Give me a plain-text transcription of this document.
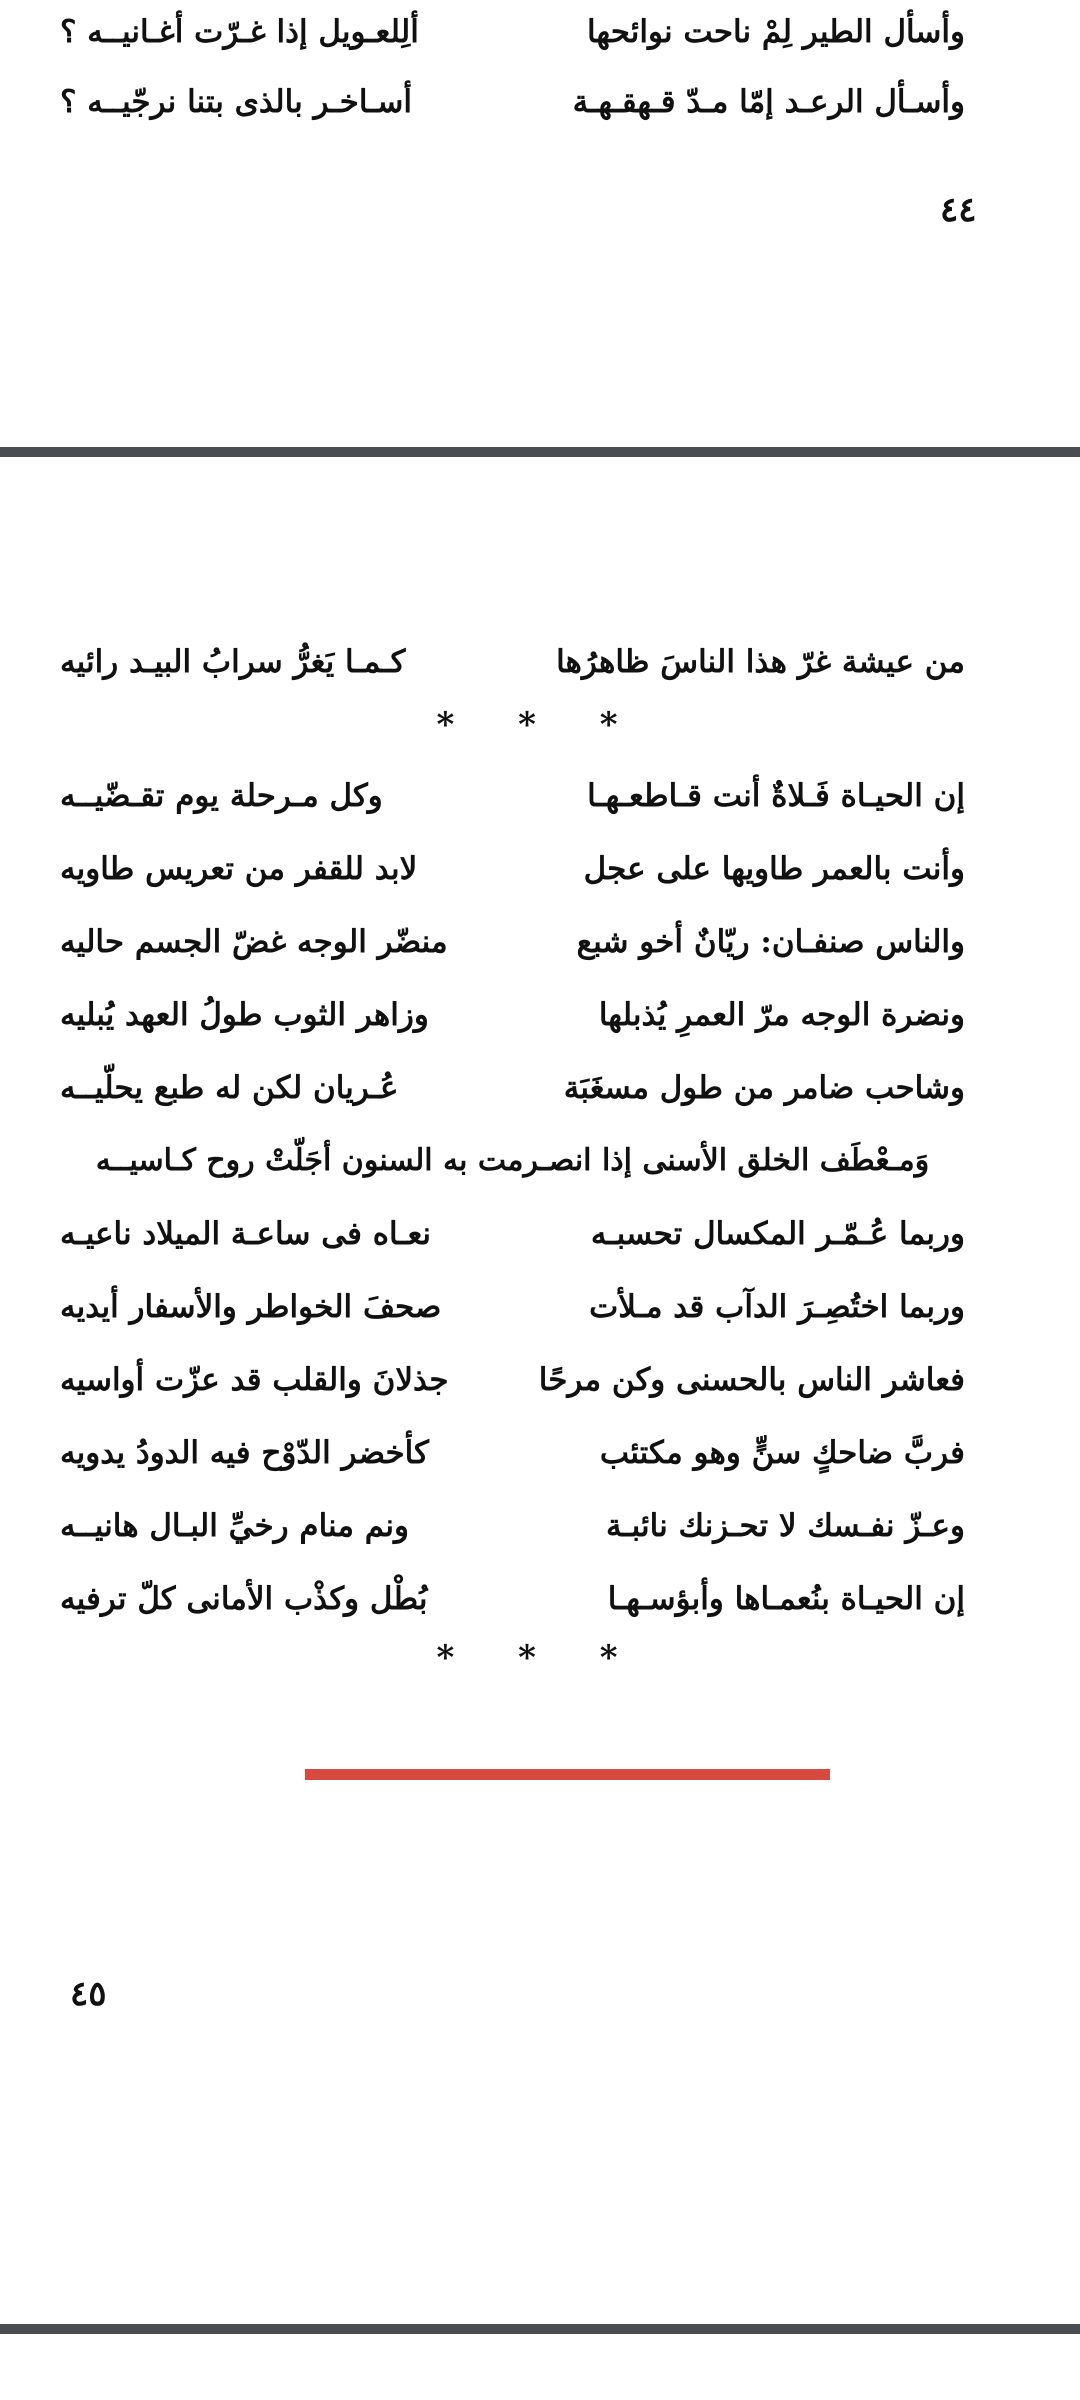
وأسأل الطير لِمْ ناحت نوائحها
ألِلعـويل إذا غـرّت أغـانيــه ؟
وأسـأل الرعـد إمّا مـدّ قـهقـهـة
أسـاخـر بالذى بتنا نرجّيــه ؟
٤٤
من عيشة غرّ هذا الناسَ ظاهرُها
كـمـا يَغرُّ سرابُ البيـد رائيه
* * *
إن الحيـاة فَـلاةٌ أنت قـاطعـهـا
وكل مـرحلة يوم تقـضّيــه
وأنت بالعمر طاويها على عجل
لابد للقفر من تعريس طاويه
والناس صنفـان: ريّانٌ أخو شبع
منضّر الوجه غضّ الجسم حاليه
ونضرة الوجه مرّ العمرِ يُذبلها
وزاهر الثوب طولُ العهد يُبليه
وشاحب ضامر من طول مسغَبَة
عُـريان لكن له طبع يحلّيــه
وَمـعْطَف الخلق الأسنى إذا انصـرمت به السنون أجَلّتْ روح كـاسيــه
وربما عُـمّـر المكسال تحسبـه
نعـاه فى ساعـة الميلاد ناعيـه
وربما اختُصِـرَ الدآب قد مـلأت
صحفَ الخواطر والأسفار أيديه
فعاشر الناس بالحسنى وكن مرحًا
جذلانَ والقلب قد عزّت أواسيه
فربَّ ضاحكٍ سنٍّ وهو مكتئب
كأخضر الدّوْح فيه الدودُ يدويه
وعـزّ نفـسك لا تحـزنك نائبـة
ونم منام رخيِّ البـال هانيــه
إن الحيـاة بنُعمـاها وأبؤسـهـا
بُطْل وكذْب الأمانى كلّ ترفيه
* * *
٤٥
